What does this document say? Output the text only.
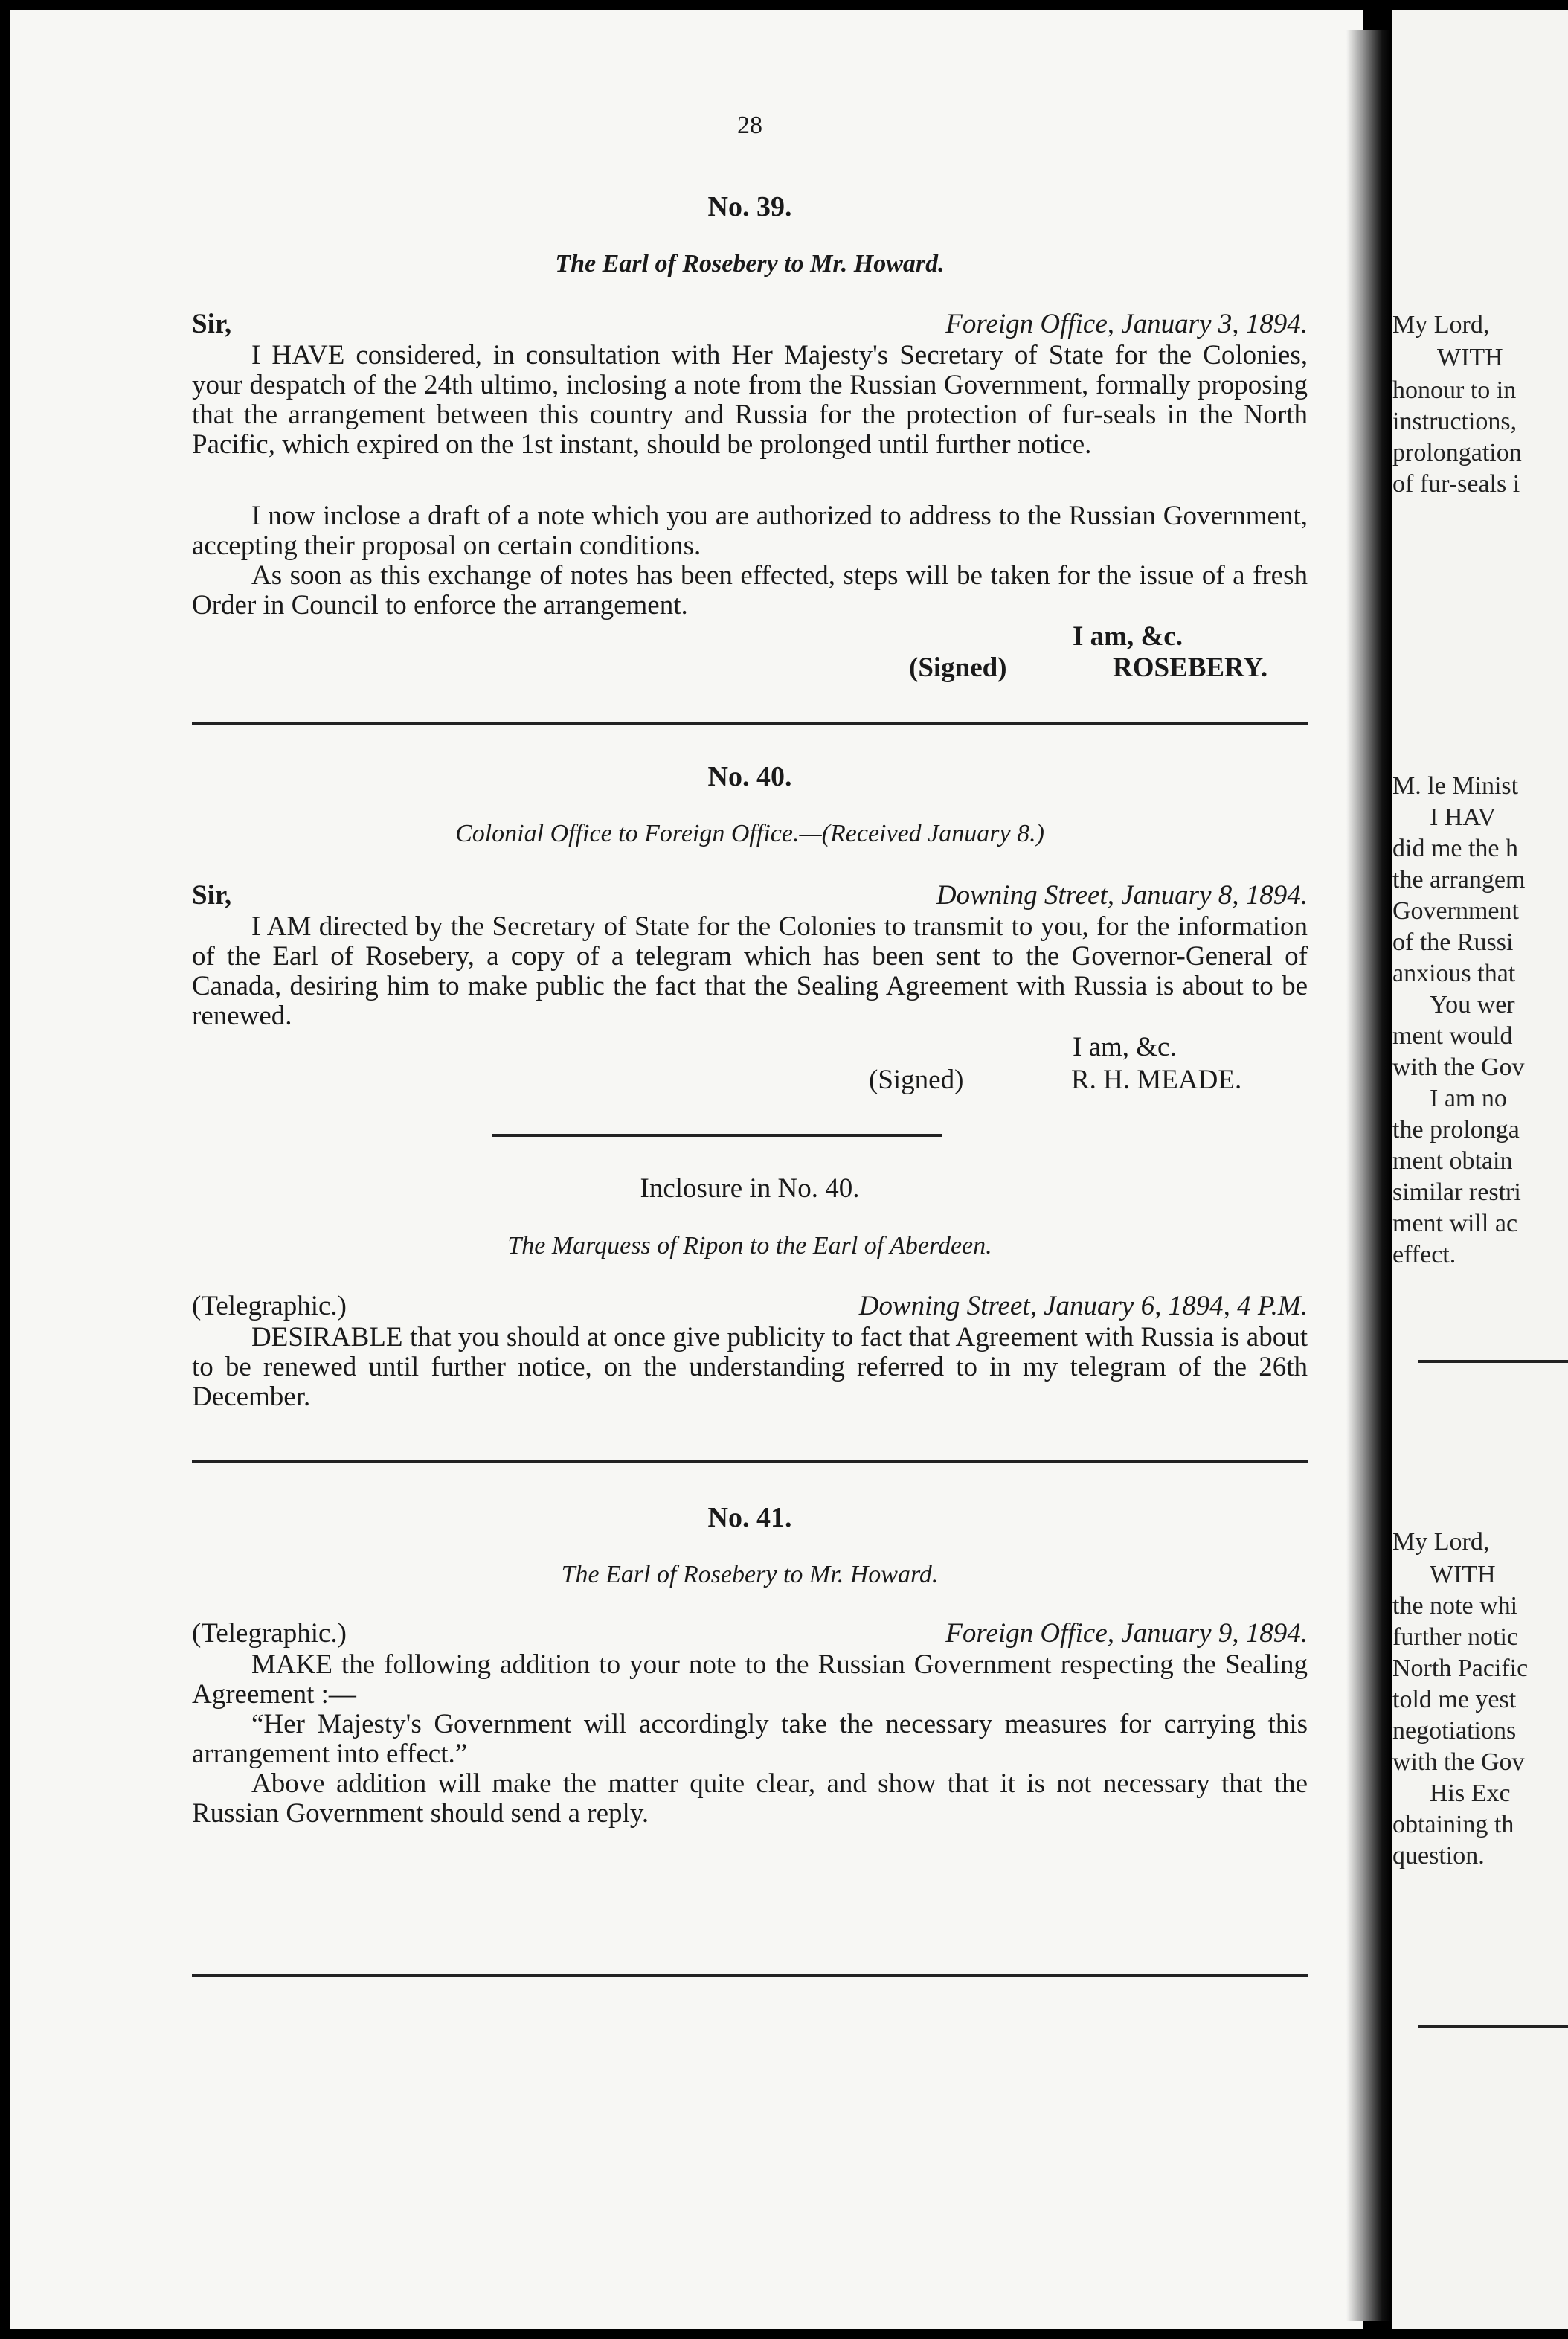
My Lord,
WITH
honour to in
instructions,
prolongation
of fur-seals i
M. le Minist
I HAV
did me the h
the arrangem
Government
of the Russi
anxious that
You wer
ment would
with the Gov
I am no
the prolonga
ment obtain
similar restri
ment will ac
effect.
My Lord,
WITH
the note whi
further notic
North Pacific
told me yest
negotiations
with the Gov
His Exc
obtaining th
question.
28
No. 39.
The Earl of Rosebery to Mr. Howard.
Sir,	Foreign Office, January 3, 1894.
I HAVE considered, in consultation with Her Majesty's Secretary of State for the Colonies, your despatch of the 24th ultimo, inclosing a note from the Russian Government, formally proposing that the arrangement between this country and Russia for the protection of fur-seals in the North Pacific, which expired on the 1st instant, should be prolonged until further notice.
I now inclose a draft of a note which you are authorized to address to the Russian Government, accepting their proposal on certain conditions.
As soon as this exchange of notes has been effected, steps will be taken for the issue of a fresh Order in Council to enforce the arrangement.
I am, &c.
(Signed)	ROSEBERY.
No. 40.
Colonial Office to Foreign Office.—(Received January 8.)
Sir,	Downing Street, January 8, 1894.
I AM directed by the Secretary of State for the Colonies to transmit to you, for the information of the Earl of Rosebery, a copy of a telegram which has been sent to the Governor-General of Canada, desiring him to make public the fact that the Sealing Agreement with Russia is about to be renewed.
I am, &c.
(Signed)	R. H. MEADE.
Inclosure in No. 40.
The Marquess of Ripon to the Earl of Aberdeen.
(Telegraphic.)	Downing Street, January 6, 1894, 4 P.M.
DESIRABLE that you should at once give publicity to fact that Agreement with Russia is about to be renewed until further notice, on the understanding referred to in my telegram of the 26th December.
No. 41.
The Earl of Rosebery to Mr. Howard.
(Telegraphic.)	Foreign Office, January 9, 1894.
MAKE the following addition to your note to the Russian Government respecting the Sealing Agreement :—
“Her Majesty's Government will accordingly take the necessary measures for carrying this arrangement into effect.”
Above addition will make the matter quite clear, and show that it is not necessary that the Russian Government should send a reply.
